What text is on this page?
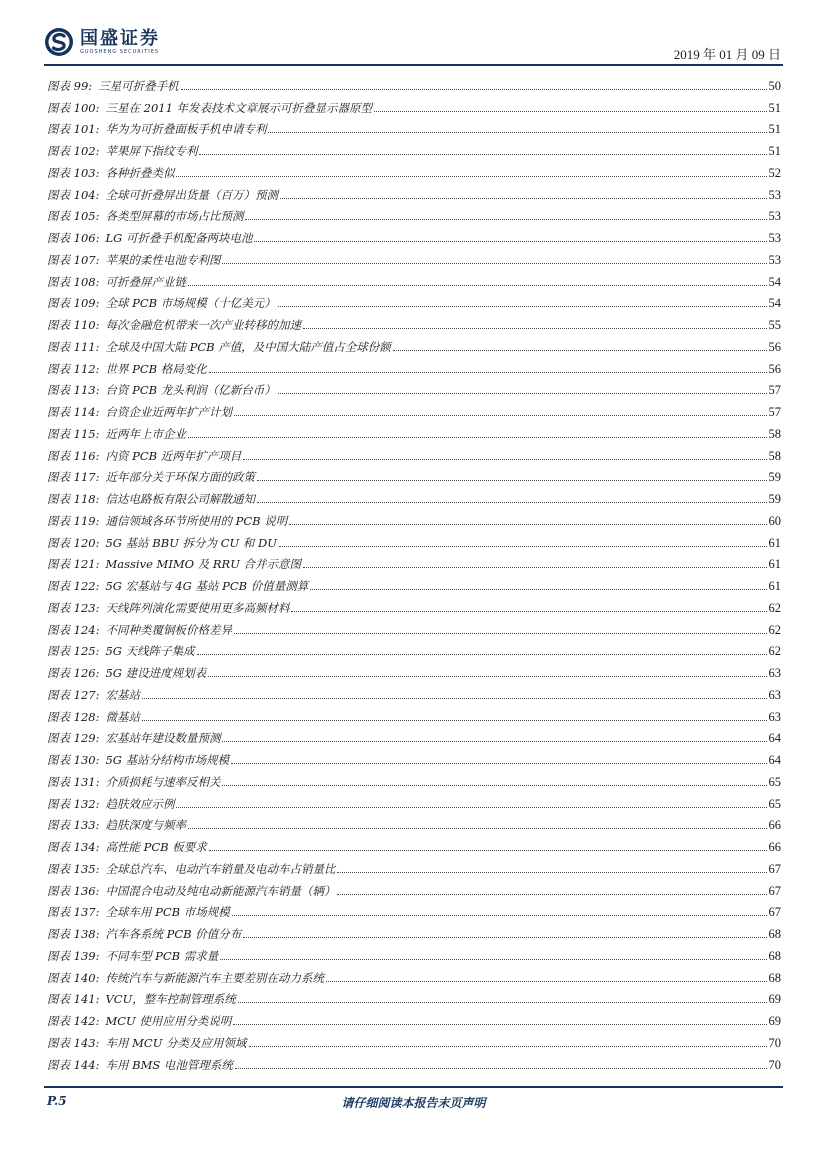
国盛证券
GUOSHENG SECURITIES	2019 年 01 月 09 日
图表 99: 三星可折叠手机	50
图表 100: 三星在 2011 年发表技术文章展示可折叠显示器原型	51
图表 101: 华为为可折叠面板手机申请专利	51
图表 102: 苹果屏下指纹专利	51
图表 103: 各种折叠类似	52
图表 104: 全球可折叠屏出货量（百万）预测	53
图表 105: 各类型屏幕的市场占比预测	53
图表 106: LG 可折叠手机配备两块电池	53
图表 107: 苹果的柔性电池专利图	53
图表 108: 可折叠屏产业链	54
图表 109: 全球 PCB 市场规模（十亿美元）	54
图表 110: 每次金融危机带来一次产业转移的加速	55
图表 111: 全球及中国大陆 PCB 产值，及中国大陆产值占全球份额	56
图表 112: 世界 PCB 格局变化	56
图表 113: 台资 PCB 龙头利润（亿新台币）	57
图表 114: 台资企业近两年扩产计划	57
图表 115: 近两年上市企业	58
图表 116: 内资 PCB 近两年扩产项目	58
图表 117: 近年部分关于环保方面的政策	59
图表 118: 信达电路板有限公司解散通知	59
图表 119: 通信领域各环节所使用的 PCB 说明	60
图表 120: 5G 基站 BBU 拆分为 CU 和 DU	61
图表 121: Massive MIMO 及 RRU 合并示意图	61
图表 122: 5G 宏基站与 4G 基站 PCB 价值量测算	61
图表 123: 天线阵列演化需要使用更多高频材料	62
图表 124: 不同种类覆铜板价格差异	62
图表 125: 5G 天线阵子集成	62
图表 126: 5G 建设进度规划表	63
图表 127: 宏基站	63
图表 128: 微基站	63
图表 129: 宏基站年建设数量预测	64
图表 130: 5G 基站分结构市场规模	64
图表 131: 介质损耗与速率反相关	65
图表 132: 趋肤效应示例	65
图表 133: 趋肤深度与频率	66
图表 134: 高性能 PCB 板要求	66
图表 135: 全球总汽车、电动汽车销量及电动车占销量比	67
图表 136: 中国混合电动及纯电动新能源汽车销量（辆）	67
图表 137: 全球车用 PCB 市场规模	67
图表 138: 汽车各系统 PCB 价值分布	68
图表 139: 不同车型 PCB 需求量	68
图表 140: 传统汽车与新能源汽车主要差别在动力系统	68
图表 141: VCU，整车控制管理系统	69
图表 142: MCU 使用应用分类说明	69
图表 143: 车用 MCU 分类及应用领域	70
图表 144: 车用 BMS 电池管理系统	70
P.5	请仔细阅读本报告末页声明
